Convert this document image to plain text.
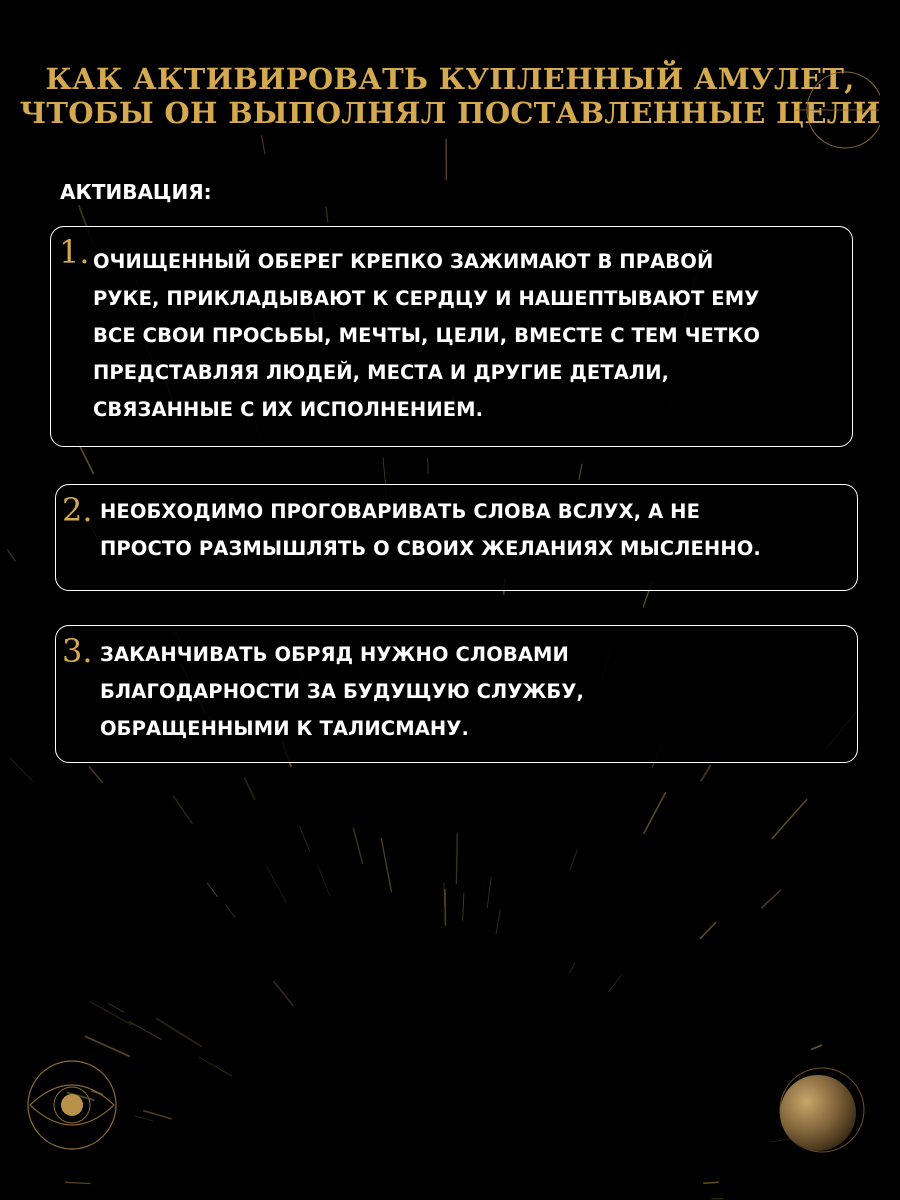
КАК АКТИВИРОВАТЬ КУПЛЕННЫЙ АМУЛЕТ,
ЧТОБЫ ОН ВЫПОЛНЯЛ ПОСТАВЛЕННЫЕ ЦЕЛИ

АКТИВАЦИЯ:

1. ОЧИЩЕННЫЙ ОБЕРЕГ КРЕПКО ЗАЖИМАЮТ В ПРАВОЙ
РУКЕ, ПРИКЛАДЫВАЮТ К СЕРДЦУ И НАШЕПТЫВАЮТ ЕМУ
ВСЕ СВОИ ПРОСЬБЫ, МЕЧТЫ, ЦЕЛИ, ВМЕСТЕ С ТЕМ ЧЕТКО
ПРЕДСТАВЛЯЯ ЛЮДЕЙ, МЕСТА И ДРУГИЕ ДЕТАЛИ,
СВЯЗАННЫЕ С ИХ ИСПОЛНЕНИЕМ.
2. НЕОБХОДИМО ПРОГОВАРИВАТЬ СЛОВА ВСЛУХ, А НЕ
ПРОСТО РАЗМЫШЛЯТЬ О СВОИХ ЖЕЛАНИЯХ МЫСЛЕННО.
3. ЗАКАНЧИВАТЬ ОБРЯД НУЖНО СЛОВАМИ
БЛАГОДАРНОСТИ ЗА БУДУЩУЮ СЛУЖБУ,
ОБРАЩЕННЫМИ К ТАЛИСМАНУ.
